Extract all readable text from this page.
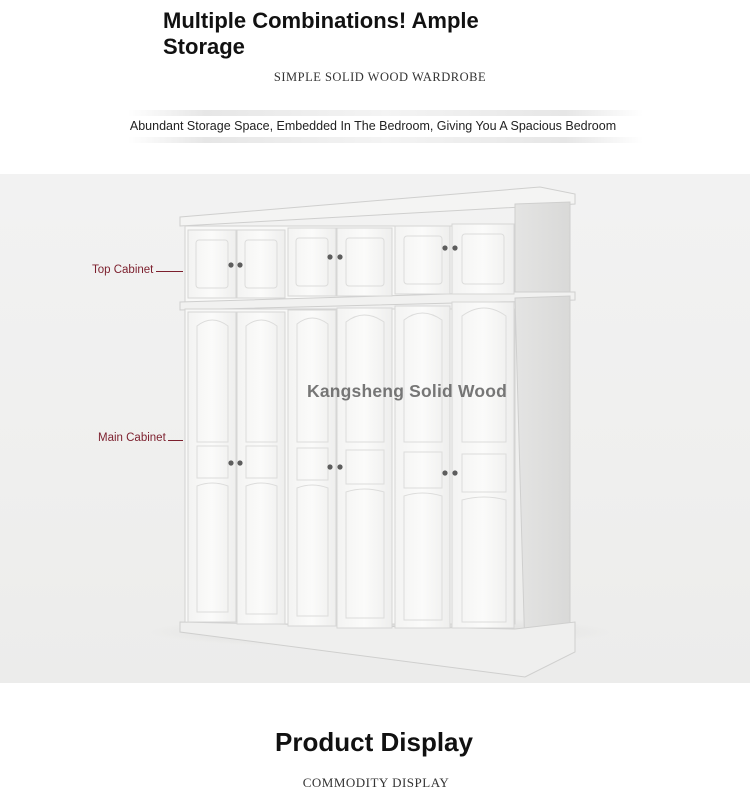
Multiple Combinations! Ample Storage
SIMPLE SOLID WOOD WARDROBE
Abundant Storage Space, Embedded In The Bedroom, Giving You A Spacious Bedroom
Top Cabinet
Main Cabinet
Kangsheng Solid Wood
Product Display
COMMODITY DISPLAY
